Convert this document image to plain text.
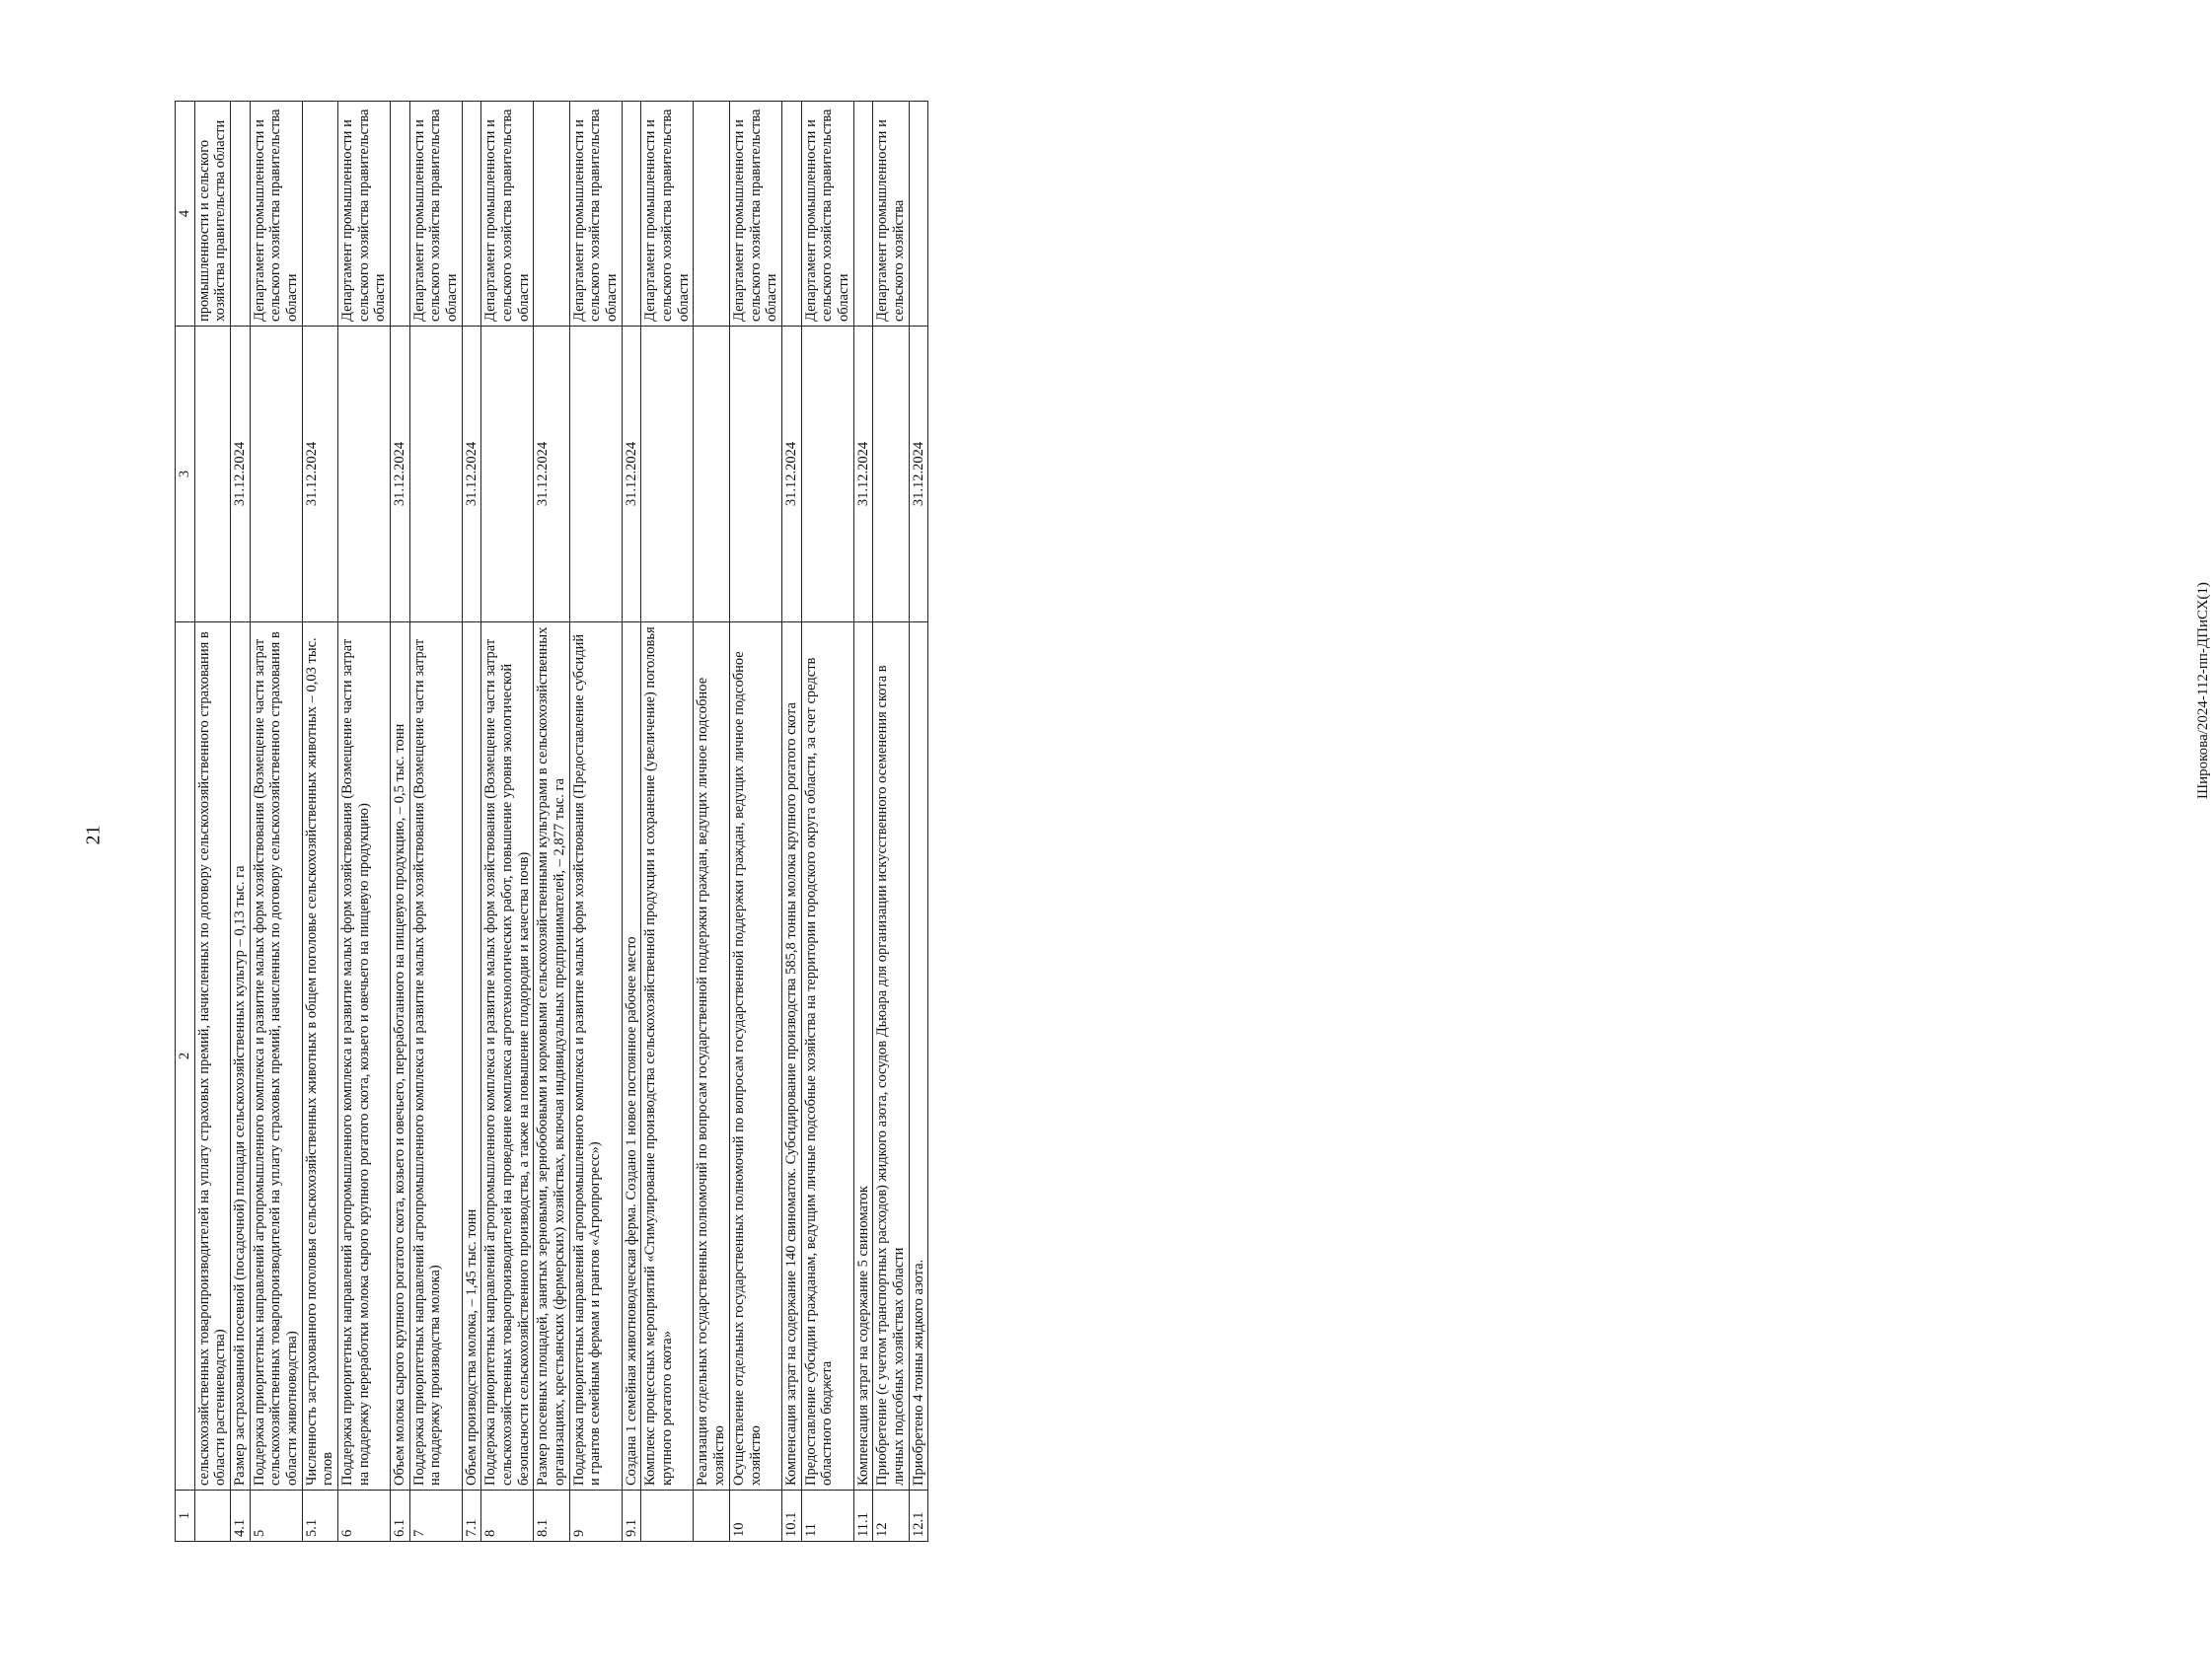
21
Широкова/2024-112-пп-ДПиСХ(1)
1	2	3	4
	сельскохозяйственных товаропроизводителей на уплату страховых премий, начисленных по договору сельскохозяйственного страхования в области растениеводства)		промышленности и сельского хозяйства правительства области
4.1	Размер застрахованной посевной (посадочной) площади сельскохозяйственных культур – 0,13 тыс. га	31.12.2024	
5	Поддержка приоритетных направлений агропромышленного комплекса и развитие малых форм хозяйствования (Возмещение части затрат сельскохозяйственных товаропроизводителей на уплату страховых премий, начисленных по договору сельскохозяйственного страхования в области животноводства)		Департамент промышленности и сельского хозяйства правительства области
5.1	Численность застрахованного поголовья сельскохозяйственных животных в общем поголовье сельскохозяйственных животных – 0,03 тыс. голов	31.12.2024	
6	Поддержка приоритетных направлений агропромышленного комплекса и развитие малых форм хозяйствования (Возмещение части затрат на поддержку переработки молока сырого крупного рогатого скота, козьего и овечьего на пищевую продукцию)		Департамент промышленности и сельского хозяйства правительства области
6.1	Объем молока сырого крупного рогатого скота, козьего и овечьего, переработанного на пищевую продукцию, – 0,5 тыс. тонн	31.12.2024	
7	Поддержка приоритетных направлений агропромышленного комплекса и развитие малых форм хозяйствования (Возмещение части затрат на поддержку производства молока)		Департамент промышленности и сельского хозяйства правительства области
7.1	Объем производства молока, – 1,45 тыс. тонн	31.12.2024	
8	Поддержка приоритетных направлений агропромышленного комплекса и развитие малых форм хозяйствования (Возмещение части затрат сельскохозяйственных товаропроизводителей на проведение комплекса агротехнологических работ, повышение уровня экологической безопасности сельскохозяйственного производства, а также на повышение плодородия и качества почв)		Департамент промышленности и сельского хозяйства правительства области
8.1	Размер посевных площадей, занятых зерновыми, зернобобовыми и кормовыми сельскохозяйственными культурами в сельскохозяйственных организациях, крестьянских (фермерских) хозяйствах, включая индивидуальных предпринимателей, – 2,877 тыс. га	31.12.2024	
9	Поддержка приоритетных направлений агропромышленного комплекса и развитие малых форм хозяйствования (Предоставление субсидий и грантов семейным фермам и грантов «Агропрогресс»)		Департамент промышленности и сельского хозяйства правительства области
9.1	Создана 1 семейная животноводческая ферма. Создано 1 новое постоянное рабочее место	31.12.2024	
	Комплекс процессных мероприятий «Стимулирование производства сельскохозяйственной продукции и сохранение (увеличение) поголовья крупного рогатого скота»		Департамент промышленности и сельского хозяйства правительства области
	Реализация отдельных государственных полномочий по вопросам государственной поддержки граждан, ведущих личное подсобное хозяйство		
10	Осуществление отдельных государственных полномочий по вопросам государственной поддержки граждан, ведущих личное подсобное хозяйство		Департамент промышленности и сельского хозяйства правительства области
10.1	Компенсация затрат на содержание 140 свиноматок. Субсидирование производства 585,8 тонны молока крупного рогатого скота	31.12.2024	
11	Предоставление субсидии гражданам, ведущим личные подсобные хозяйства на территории городского округа области, за счет средств областного бюджета		Департамент промышленности и сельского хозяйства правительства области
11.1	Компенсация затрат на содержание 5 свиноматок	31.12.2024	
12	Приобретение (с учетом транспортных расходов) жидкого азота, сосудов Дьюара для организации искусственного осеменения скота в личных подсобных хозяйствах области		Департамент промышленности и сельского хозяйства
12.1	Приобретено 4 тонны жидкого азота.	31.12.2024	
